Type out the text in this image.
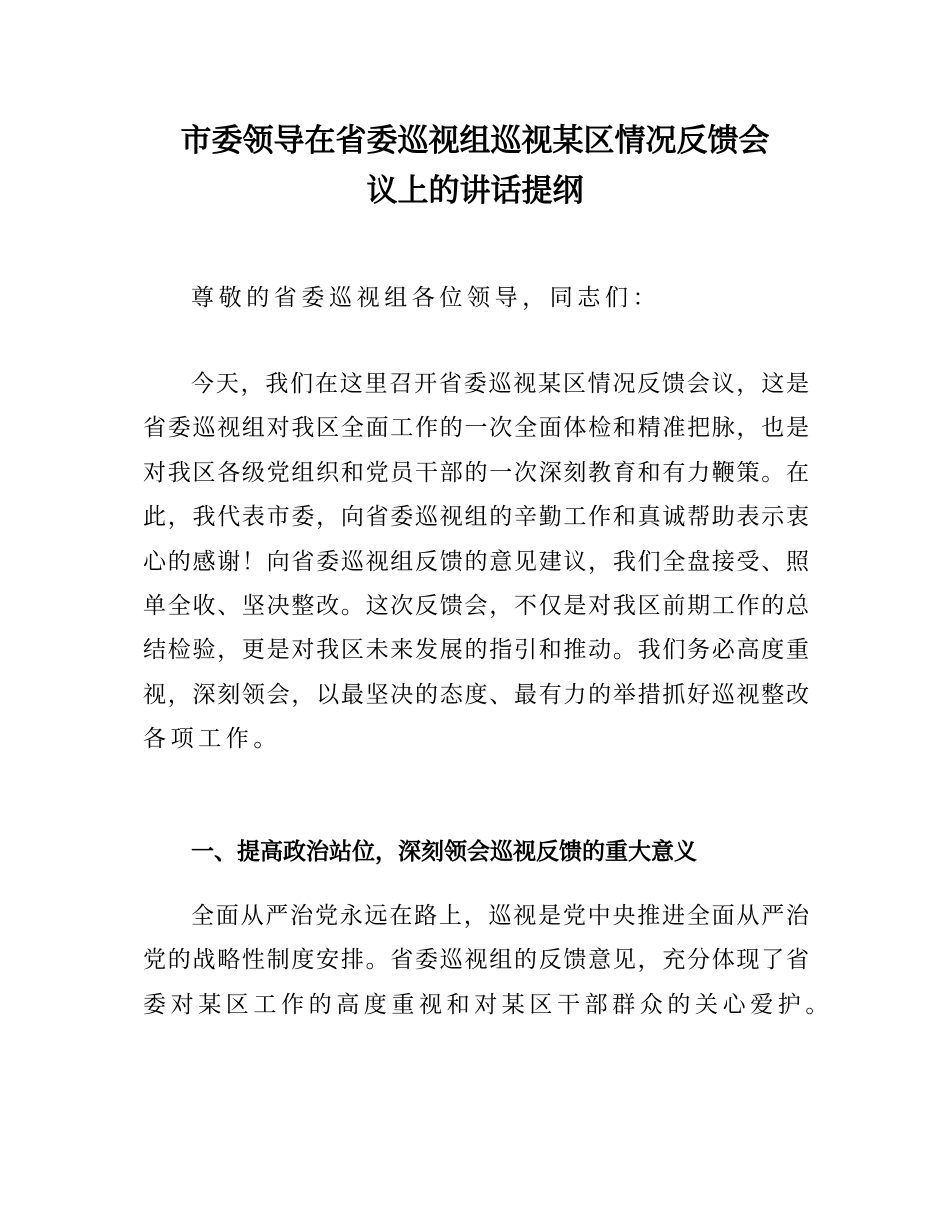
市委领导在省委巡视组巡视某区情况反馈会
议上的讲话提纲
尊敬的省委巡视组各位领导，同志们：
今天，我们在这里召开省委巡视某区情况反馈会议，这是
省委巡视组对我区全面工作的一次全面体检和精准把脉，也是
对我区各级党组织和党员干部的一次深刻教育和有力鞭策。在
此，我代表市委，向省委巡视组的辛勤工作和真诚帮助表示衷
心的感谢！向省委巡视组反馈的意见建议，我们全盘接受、照
单全收、坚决整改。这次反馈会，不仅是对我区前期工作的总
结检验，更是对我区未来发展的指引和推动。我们务必高度重
视，深刻领会，以最坚决的态度、最有力的举措抓好巡视整改
各项工作。
一、提高政治站位，深刻领会巡视反馈的重大意义
全面从严治党永远在路上，巡视是党中央推进全面从严治
党的战略性制度安排。省委巡视组的反馈意见，充分体现了省
委对某区工作的高度重视和对某区干部群众的关心爱护。
